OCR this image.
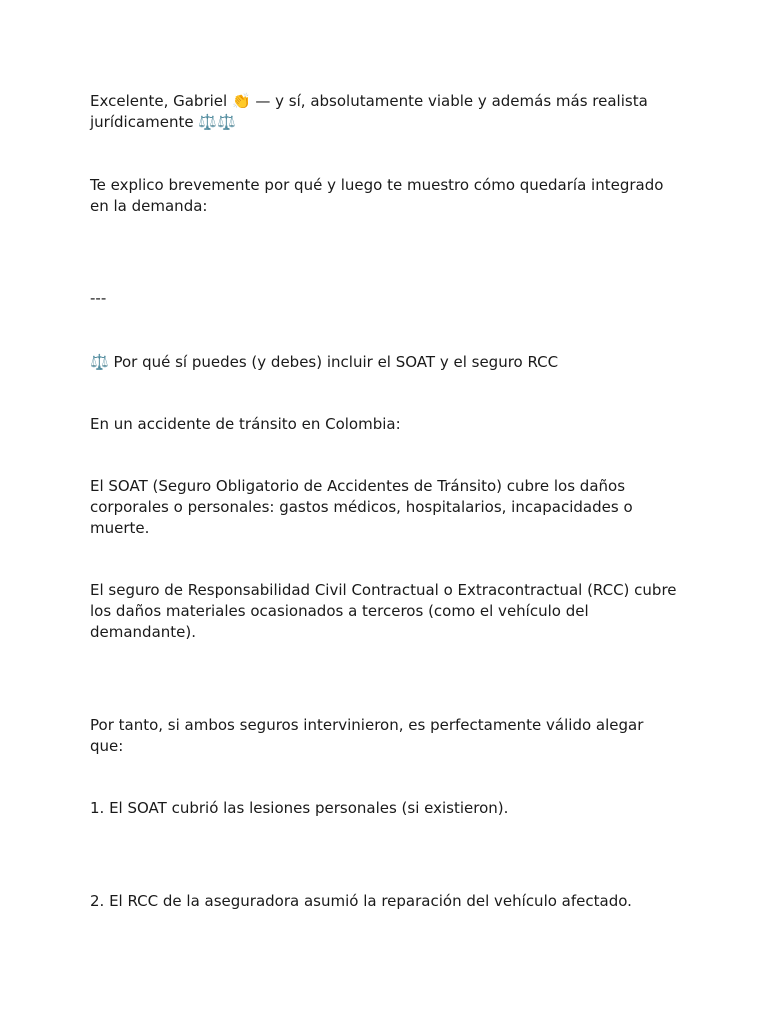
Excelente, Gabriel 👏 — y sí, absolutamente viable y además más realista jurídicamente ⚖️⚖️

Te explico brevemente por qué y luego te muestro cómo quedaría integrado en la demanda:

---

⚖️ Por qué sí puedes (y debes) incluir el SOAT y el seguro RCC

En un accidente de tránsito en Colombia:

El SOAT (Seguro Obligatorio de Accidentes de Tránsito) cubre los daños corporales o personales: gastos médicos, hospitalarios, incapacidades o muerte.

El seguro de Responsabilidad Civil Contractual o Extracontractual (RCC) cubre los daños materiales ocasionados a terceros (como el vehículo del demandante).

Por tanto, si ambos seguros intervinieron, es perfectamente válido alegar que:

1. El SOAT cubrió las lesiones personales (si existieron).

2. El RCC de la aseguradora asumió la reparación del vehículo afectado.
